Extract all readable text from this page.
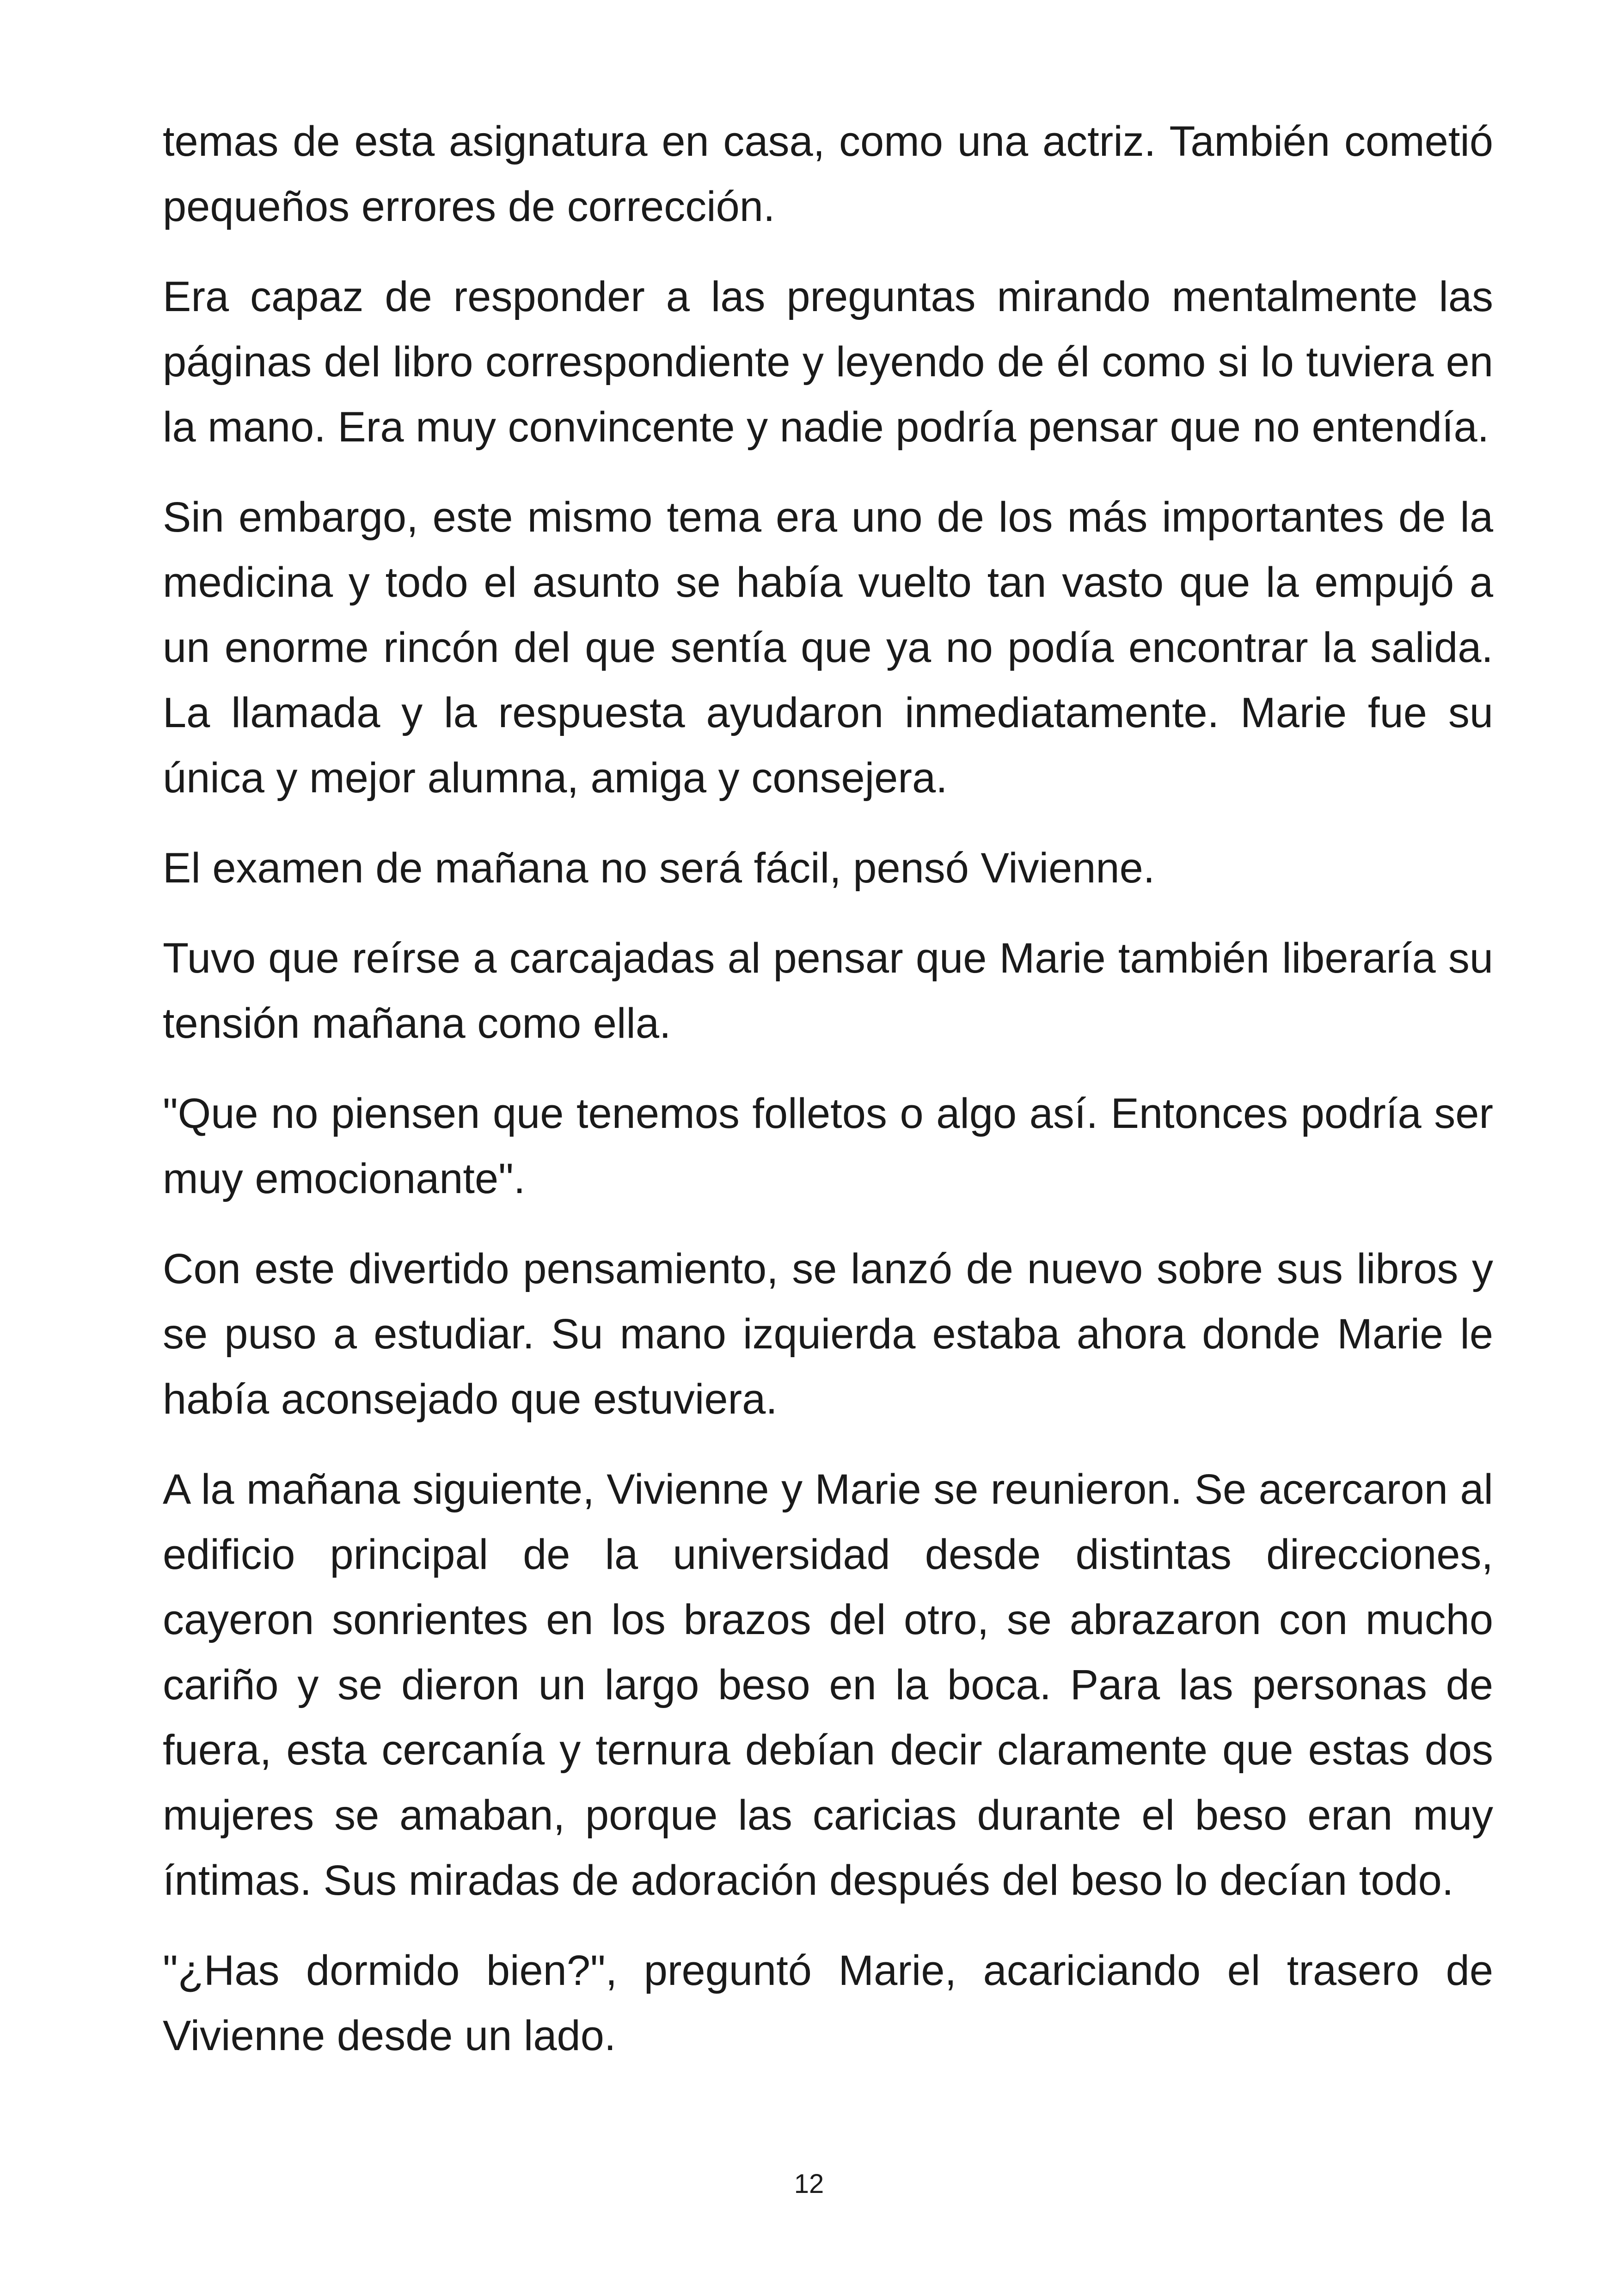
temas de esta asignatura en casa, como una actriz. También cometió pequeños errores de corrección.

Era capaz de responder a las preguntas mirando mentalmente las páginas del libro correspondiente y leyendo de él como si lo tuviera en la mano. Era muy convincente y nadie podría pensar que no entendía.

Sin embargo, este mismo tema era uno de los más importantes de la medicina y todo el asunto se había vuelto tan vasto que la empujó a un enorme rincón del que sentía que ya no podía encontrar la salida. La llamada y la respuesta ayudaron inmediatamente. Marie fue su única y mejor alumna, amiga y consejera.

El examen de mañana no será fácil, pensó Vivienne.

Tuvo que reírse a carcajadas al pensar que Marie también liberaría su tensión mañana como ella.

"Que no piensen que tenemos folletos o algo así. Entonces podría ser muy emocionante".

Con este divertido pensamiento, se lanzó de nuevo sobre sus libros y se puso a estudiar. Su mano izquierda estaba ahora donde Marie le había aconsejado que estuviera.

A la mañana siguiente, Vivienne y Marie se reunieron. Se acercaron al edificio principal de la universidad desde distintas direcciones, cayeron sonrientes en los brazos del otro, se abrazaron con mucho cariño y se dieron un largo beso en la boca. Para las personas de fuera, esta cercanía y ternura debían decir claramente que estas dos mujeres se amaban, porque las caricias durante el beso eran muy íntimas. Sus miradas de adoración después del beso lo decían todo.

"¿Has dormido bien?", preguntó Marie, acariciando el trasero de Vivienne desde un lado.

12
